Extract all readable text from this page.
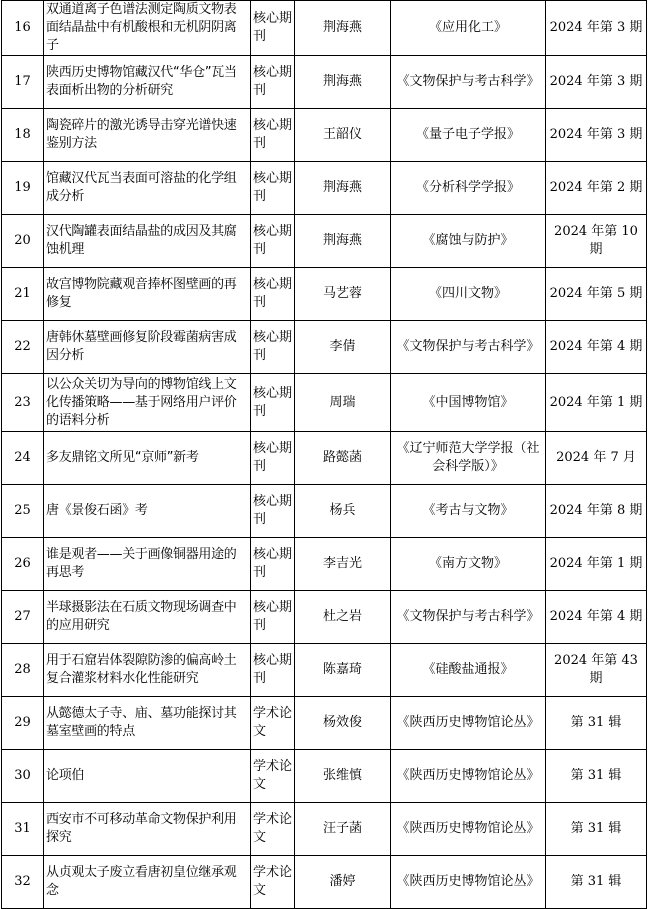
16	双通道离子色谱法测定陶质文物表面结晶盐中有机酸根和无机阴阴离子	核心期刊	荆海燕	《应用化工》	2024 年第 3 期
17	陕西历史博物馆藏汉代“华仓”瓦当表面析出物的分析研究	核心期刊	荆海燕	《文物保护与考古科学》	2024 年第 3 期
18	陶瓷碎片的激光诱导击穿光谱快速鉴别方法	核心期刊	王韶仪	《量子电子学报》	2024 年第 3 期
19	馆藏汉代瓦当表面可溶盐的化学组成分析	核心期刊	荆海燕	《分析科学学报》	2024 年第 2 期
20	汉代陶罐表面结晶盐的成因及其腐蚀机理	核心期刊	荆海燕	《腐蚀与防护》	2024 年第 10 期
21	故宫博物院藏观音捧杯图壁画的再修复	核心期刊	马艺蓉	《四川文物》	2024 年第 5 期
22	唐韩休墓壁画修复阶段霉菌病害成因分析	核心期刊	李倩	《文物保护与考古科学》	2024 年第 4 期
23	以公众关切为导向的博物馆线上文化传播策略——基于网络用户评价的语料分析	核心期刊	周瑞	《中国博物馆》	2024 年第 1 期
24	多友鼎铭文所见“京师”新考	核心期刊	路懿菡	《辽宁师范大学学报（社会科学版）》	2024 年 7 月
25	唐《景俊石函》考	核心期刊	杨兵	《考古与文物》	2024 年第 8 期
26	谁是观者——关于画像铜器用途的再思考	核心期刊	李吉光	《南方文物》	2024 年第 1 期
27	半球摄影法在石质文物现场调查中的应用研究	核心期刊	杜之岩	《文物保护与考古科学》	2024 年第 4 期
28	用于石窟岩体裂隙防渗的偏高岭土复合灌浆材料水化性能研究	核心期刊	陈嘉琦	《硅酸盐通报》	2024 年第 43 期
29	从懿德太子寺、庙、墓功能探讨其墓室壁画的特点	学术论文	杨效俊	《陕西历史博物馆论丛》	第 31 辑
30	论项伯	学术论文	张维慎	《陕西历史博物馆论丛》	第 31 辑
31	西安市不可移动革命文物保护利用探究	学术论文	汪子菡	《陕西历史博物馆论丛》	第 31 辑
32	从贞观太子废立看唐初皇位继承观念	学术论文	潘婷	《陕西历史博物馆论丛》	第 31 辑
